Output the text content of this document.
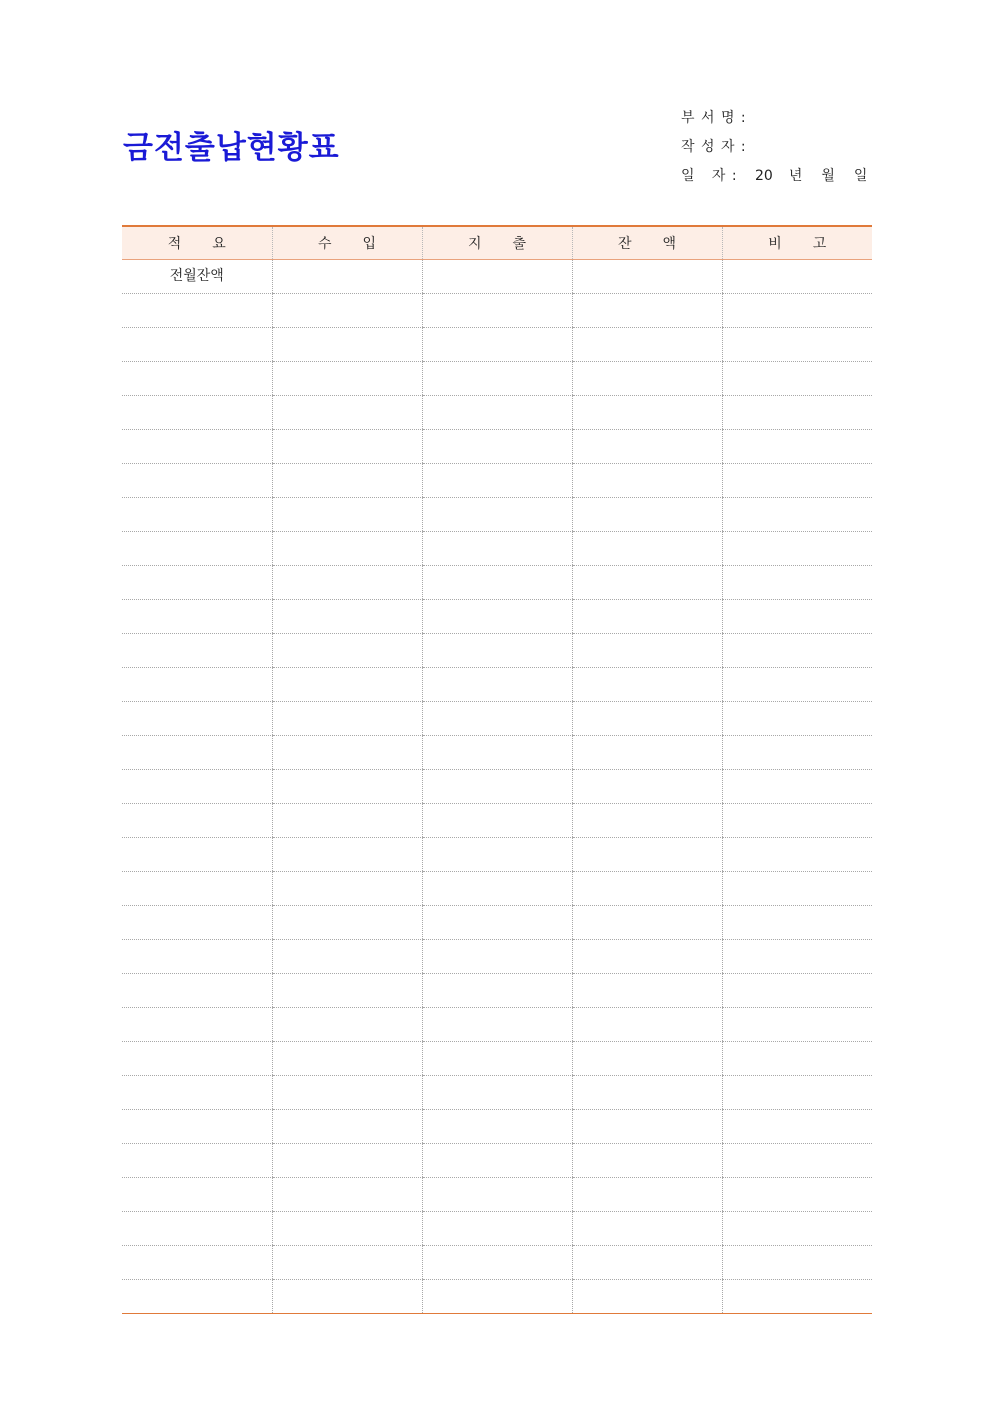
금전출납현황표
부 서 명 :
작 성 자 :
일   자 :	20 년 월 일
적 요	수 입	지 출	잔 액	비 고

전월잔액				
